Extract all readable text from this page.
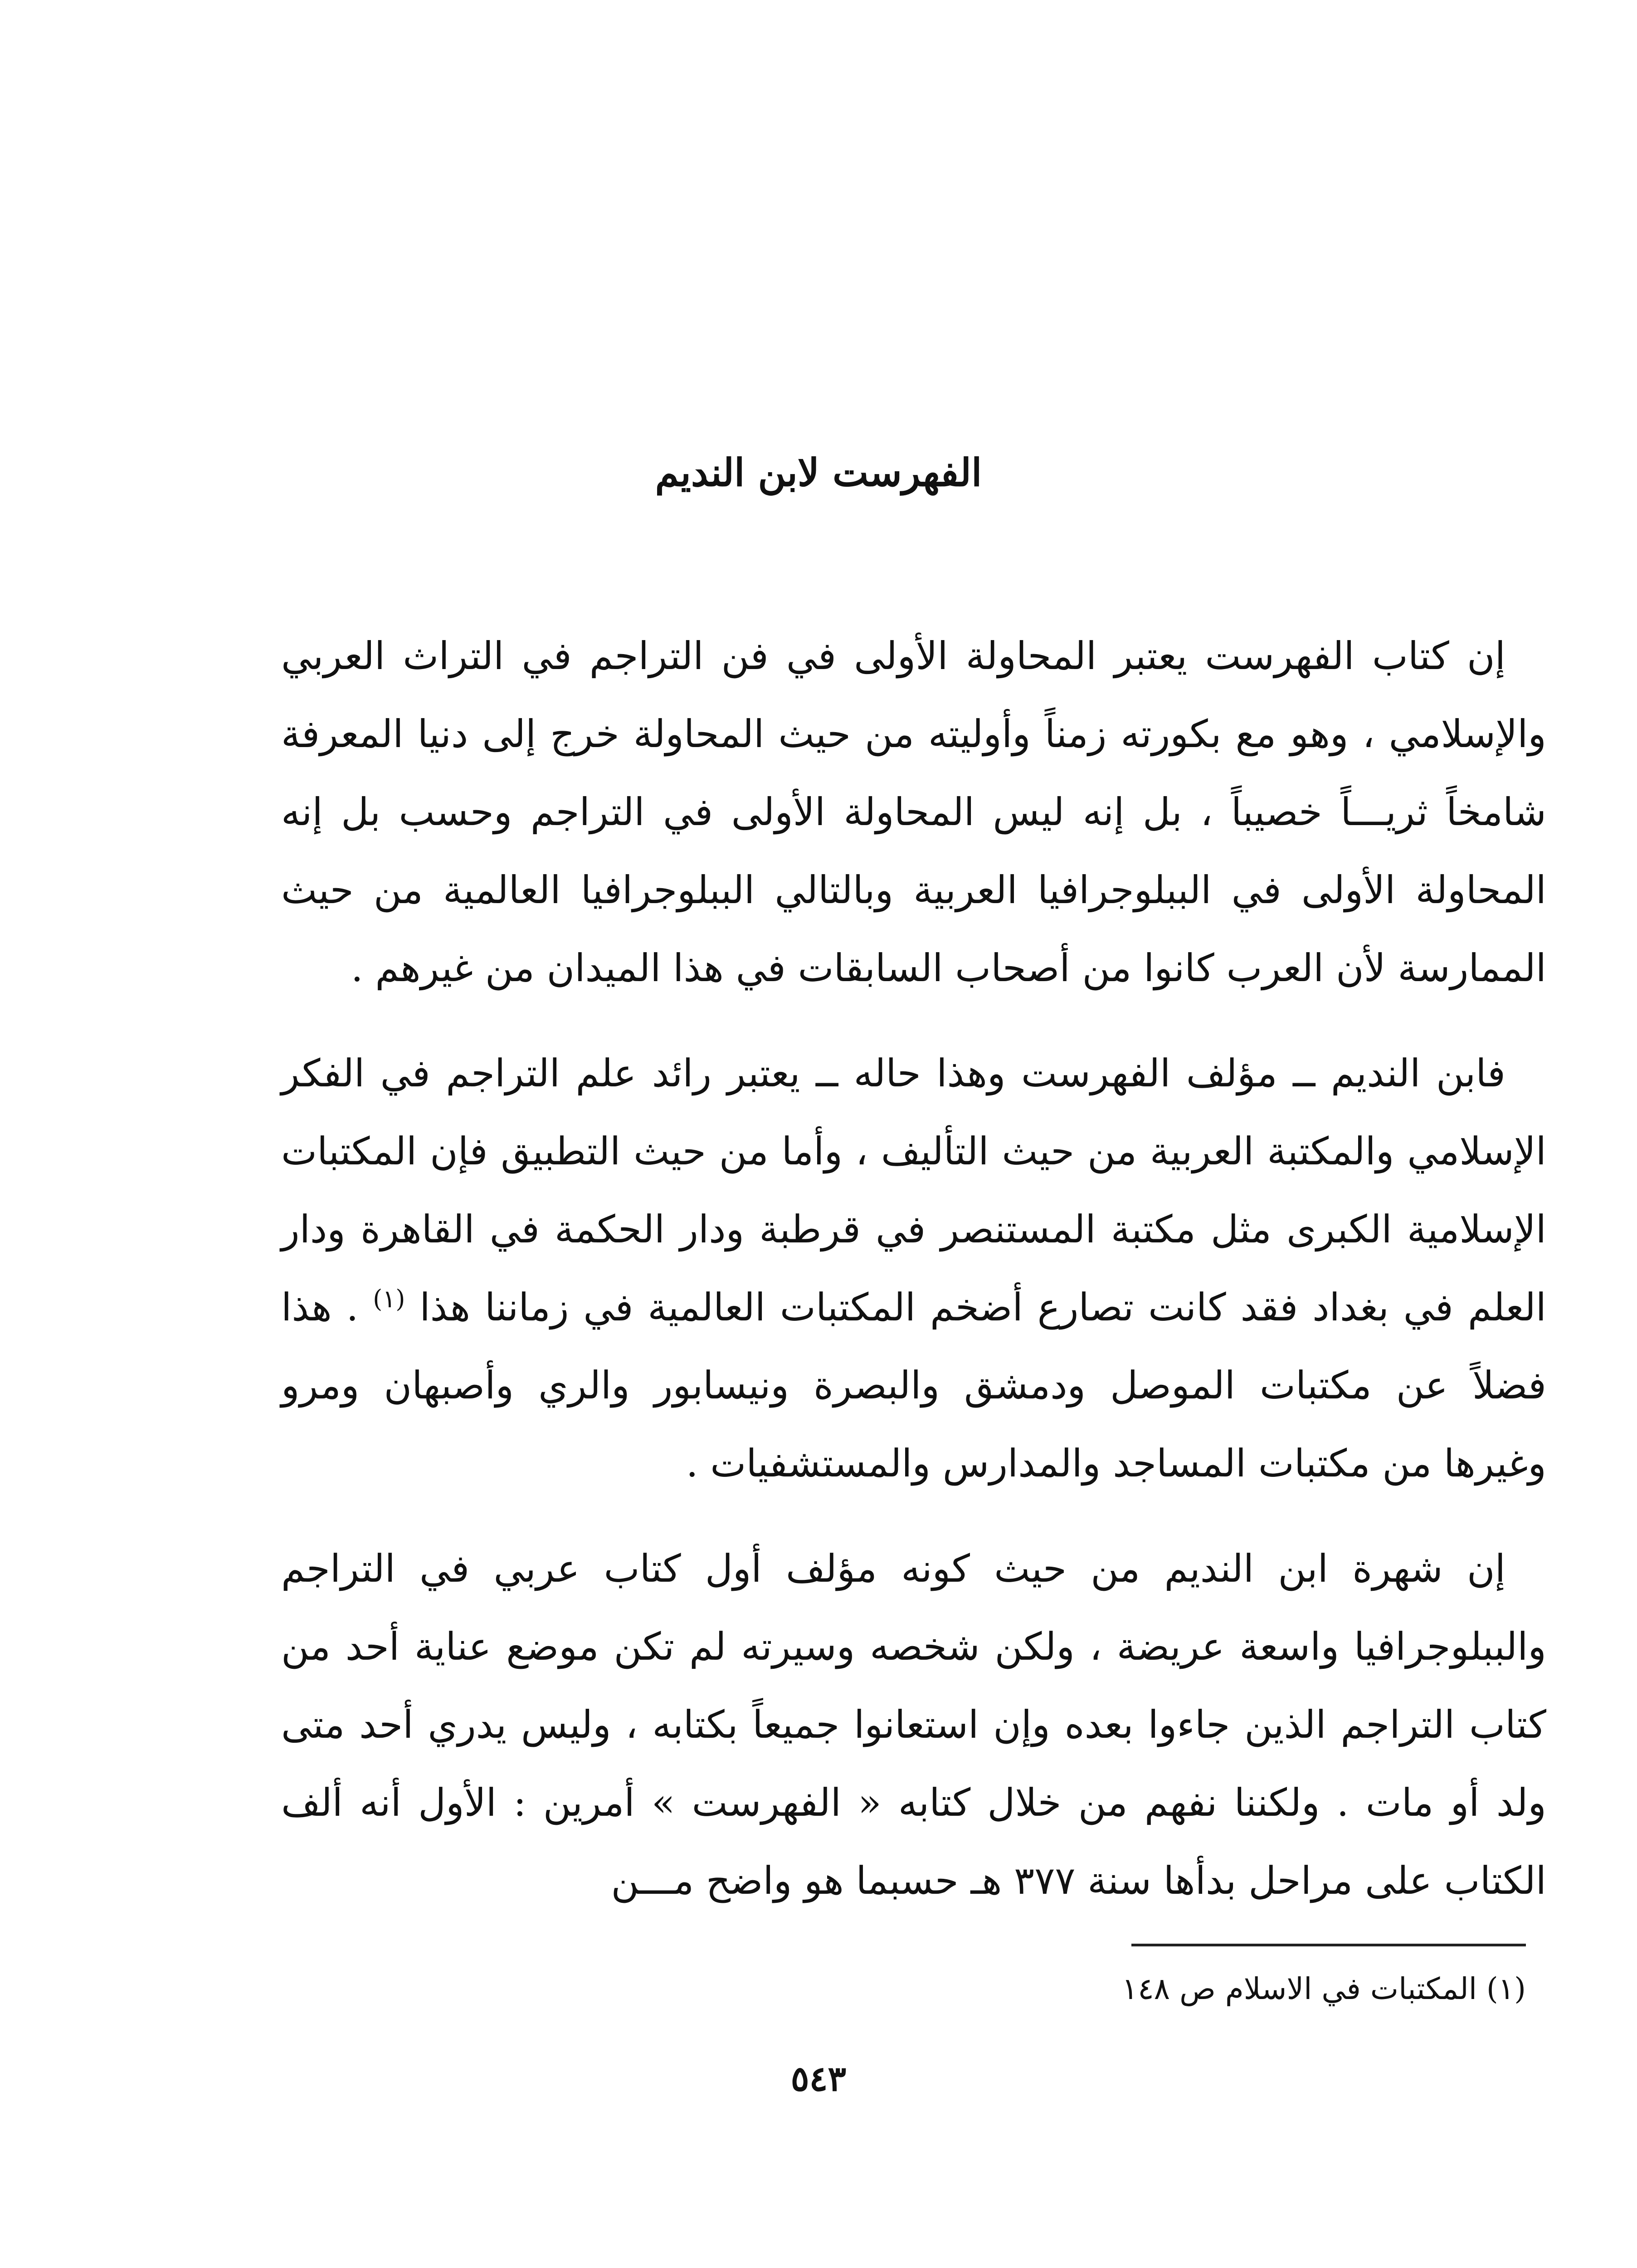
الفهرست لابن النديم

إن كتاب الفهرست يعتبر المحاولة الأولى في فن التراجم في التراث العربي والإسلامي ، وهو مع بكورته زمناً وأوليته من حيث المحاولة خرج إلى دنيا المعرفة شامخاً ثريـــاً خصيباً ، بل إنه ليس المحاولة الأولى في التراجم وحسب بل إنه المحاولة الأولى في الببلوجرافيا العربية وبالتالي الببلوجرافيا العالمية من حيث الممارسة لأن العرب كانوا من أصحاب السابقات في هذا الميدان من غيرهم .

فابن النديم ــ مؤلف الفهرست وهذا حاله ــ يعتبر رائد علم التراجم في الفكر الإسلامي والمكتبة العربية من حيث التأليف ، وأما من حيث التطبيق فإن المكتبات الإسلامية الكبرى مثل مكتبة المستنصر في قرطبة ودار الحكمة في القاهرة ودار العلم في بغداد فقد كانت تصارع أضخم المكتبات العالمية في زماننا هذا $^{(١)}$ . هذا فضلاً عن مكتبات الموصل ودمشق والبصرة ونيسابور والري وأصبهان ومرو وغيرها من مكتبات المساجد والمدارس والمستشفيات .

إن شهرة ابن النديم من حيث كونه مؤلف أول كتاب عربي في التراجم والببلوجرافيا واسعة عريضة ، ولكن شخصه وسيرته لم تكن موضع عناية أحد من كتاب التراجم الذين جاءوا بعده وإن استعانوا جميعاً بكتابه ، وليس يدري أحد متى ولد أو مات . ولكننا نفهم من خلال كتابه « الفهرست » أمرين : الأول أنه ألف الكتاب على مراحل بدأها سنة ٣٧٧ هـ حسبما هو واضح مـــن

(١) المكتبات في الاسلام ص ١٤٨

٥٤٣
